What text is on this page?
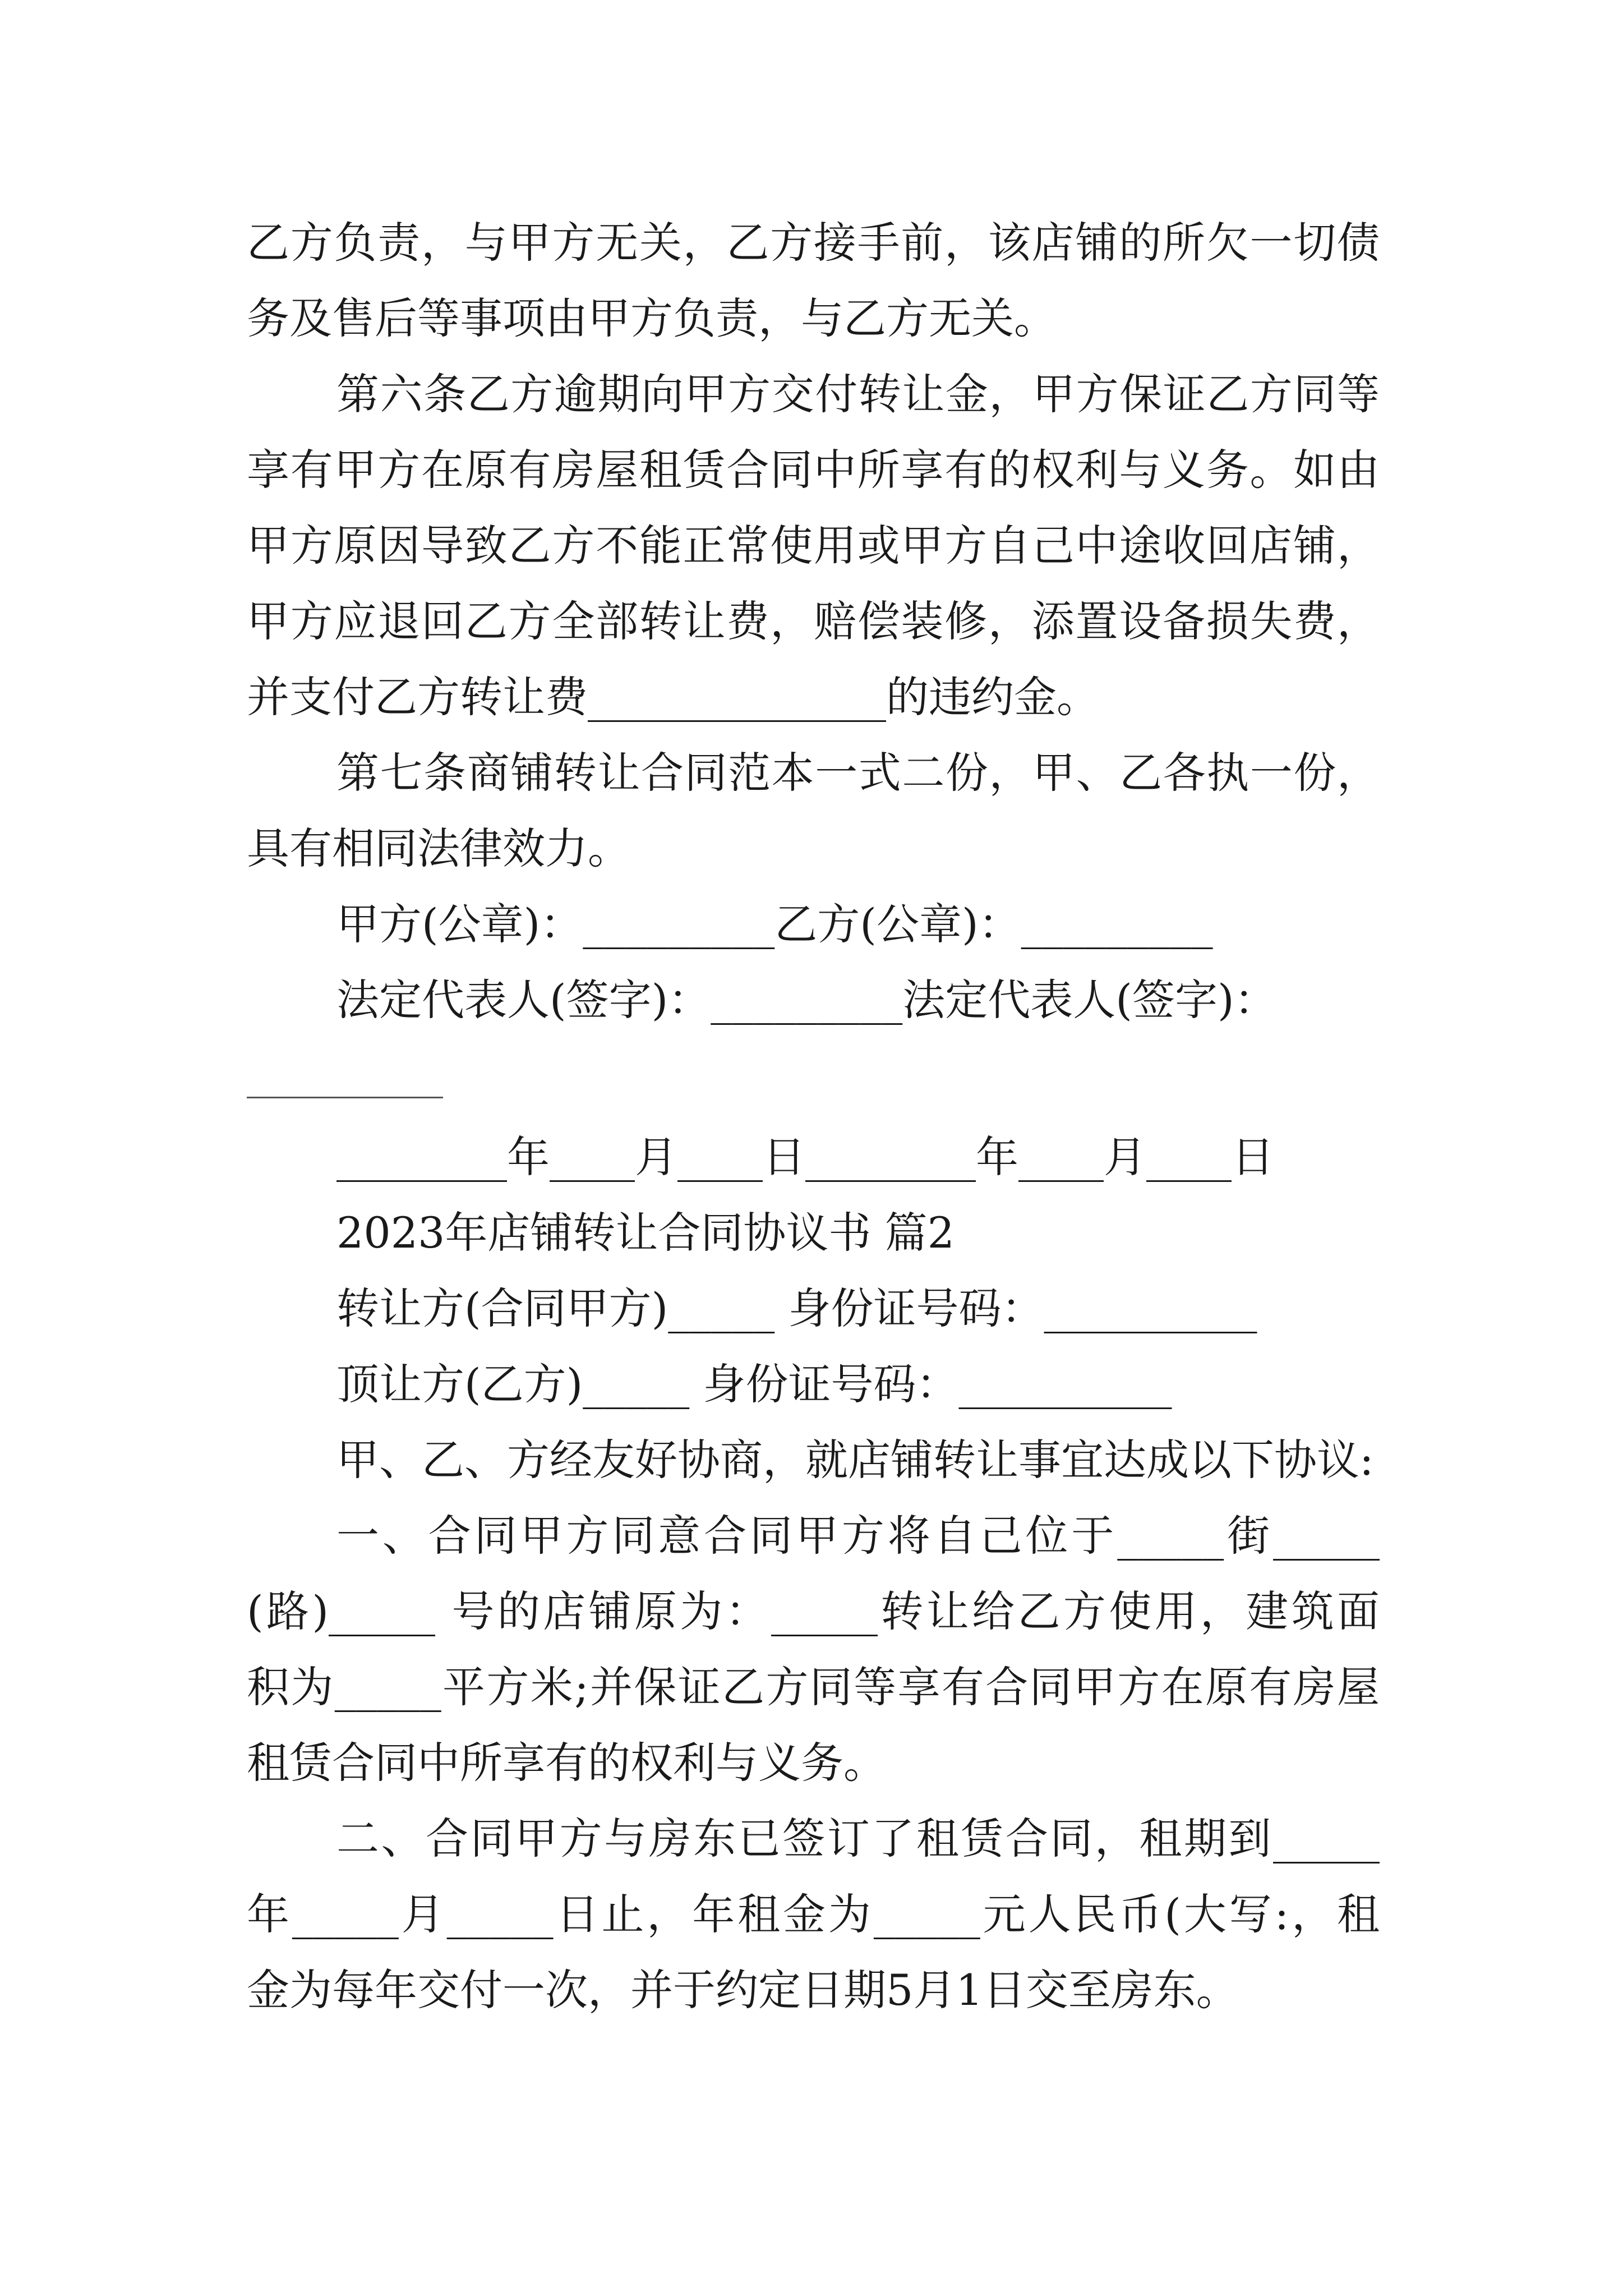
乙方负责，与甲方无关，乙方接手前，该店铺的所欠一切债
务及售后等事项由甲方负责，与乙方无关。
第六条乙方逾期向甲方交付转让金，甲方保证乙方同等
享有甲方在原有房屋租赁合同中所享有的权利与义务。如由
甲方原因导致乙方不能正常使用或甲方自己中途收回店铺，
甲方应退回乙方全部转让费，赔偿装修，添置设备损失费，
并支付乙方转让费______________的违约金。
第七条商铺转让合同范本一式二份，甲、乙各执一份，
具有相同法律效力。
甲方(公章)：_________乙方(公章)：_________
法定代表人(签字)：_________法定代表人(签字)：
________年____月____日________年____月____日
2023年店铺转让合同协议书 篇2
转让方(合同甲方)_____ 身份证号码：__________
顶让方(乙方)_____ 身份证号码：__________
甲、乙、方经友好协商，就店铺转让事宜达成以下协议:
一、合同甲方同意合同甲方将自己位于_____街_____
(路)_____ 号的店铺原为：_____转让给乙方使用，建筑面
积为_____平方米;并保证乙方同等享有合同甲方在原有房屋
租赁合同中所享有的权利与义务。
二、合同甲方与房东已签订了租赁合同，租期到_____
年_____月_____日止，年租金为_____元人民币(大写:，租
金为每年交付一次，并于约定日期5月1日交至房东。
